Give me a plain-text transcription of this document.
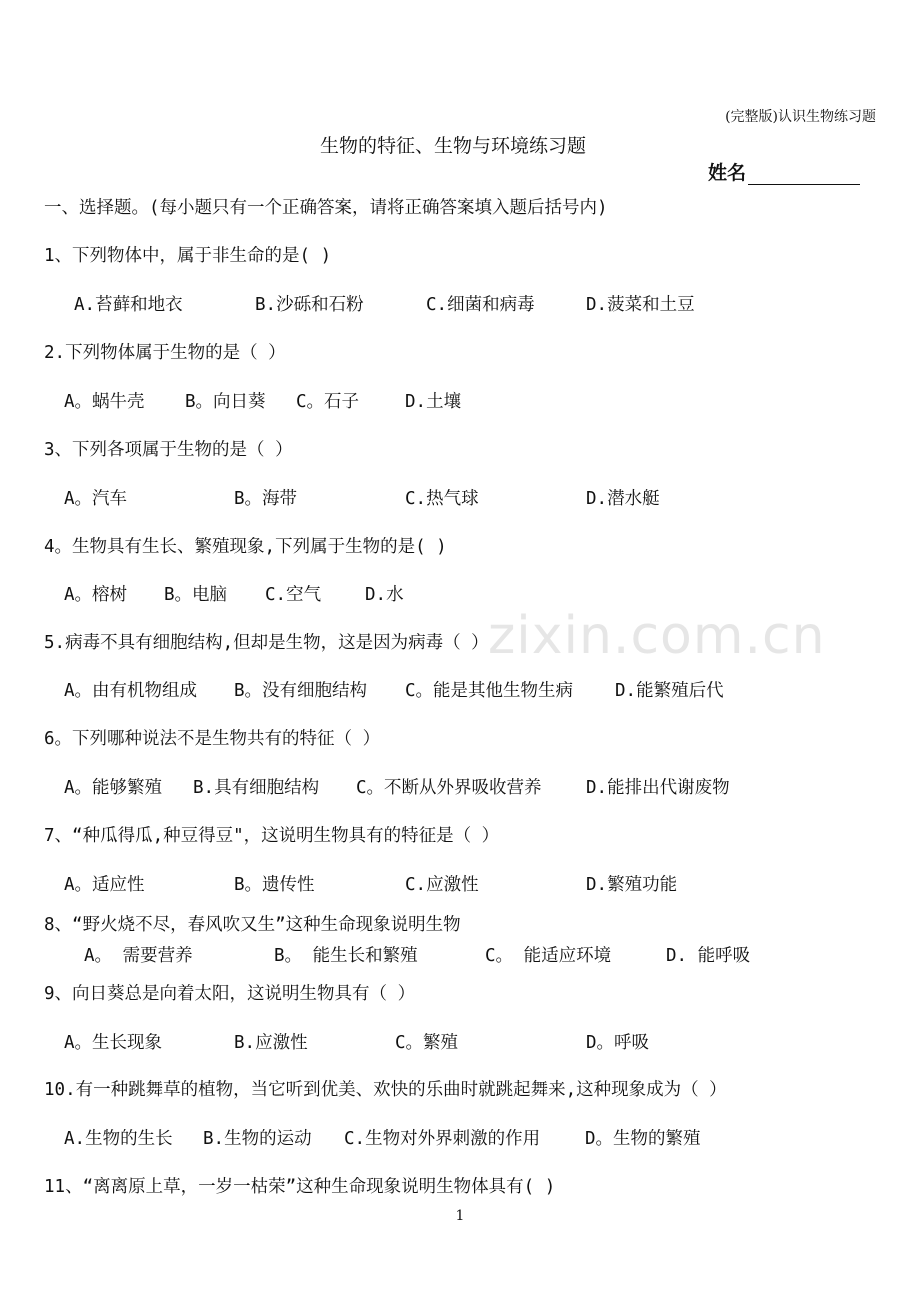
(完整版)认识生物练习题
生物的特征、生物与环境练习题
姓名
一、选择题。(每小题只有一个正确答案，请将正确答案填入题后括号内)
zixin.com.cn
1、下列物体中，属于非生命的是( )
A.苔藓和地衣	B.沙砾和石粉	C.细菌和病毒	D.菠菜和土豆
2.下列物体属于生物的是（ ）
A。蜗牛壳 B。向日葵 C。石子	D.土壤
3、下列各项属于生物的是（ ）
A。汽车	B。海带	C.热气球	D.潜水艇
4。生物具有生长、繁殖现象,下列属于生物的是( )
A。榕树 B。电脑 C.空气	D.水
5.病毒不具有细胞结构,但却是生物，这是因为病毒（ ）
A。由有机物组成 B。没有细胞结构 C。能是其他生物生病 D.能繁殖后代
6。下列哪种说法不是生物共有的特征（ ）
A。能够繁殖 B.具有细胞结构 C。不断从外界吸收营养	D.能排出代谢废物
7、“种瓜得瓜,种豆得豆"，这说明生物具有的特征是（ ）
A。适应性	B。遗传性	C.应激性	D.繁殖功能
8、“野火烧不尽，春风吹又生”这种生命现象说明生物
A。 需要营养	B。 能生长和繁殖	C。 能适应环境	D. 能呼吸
9、向日葵总是向着太阳，这说明生物具有（ ）
A。生长现象	B.应激性	C。繁殖	D。呼吸
10.有一种跳舞草的植物，当它听到优美、欢快的乐曲时就跳起舞来,这种现象成为（ ）
A.生物的生长 B.生物的运动 C.生物对外界刺激的作用	D。生物的繁殖
11、“离离原上草，一岁一枯荣”这种生命现象说明生物体具有( )
1
